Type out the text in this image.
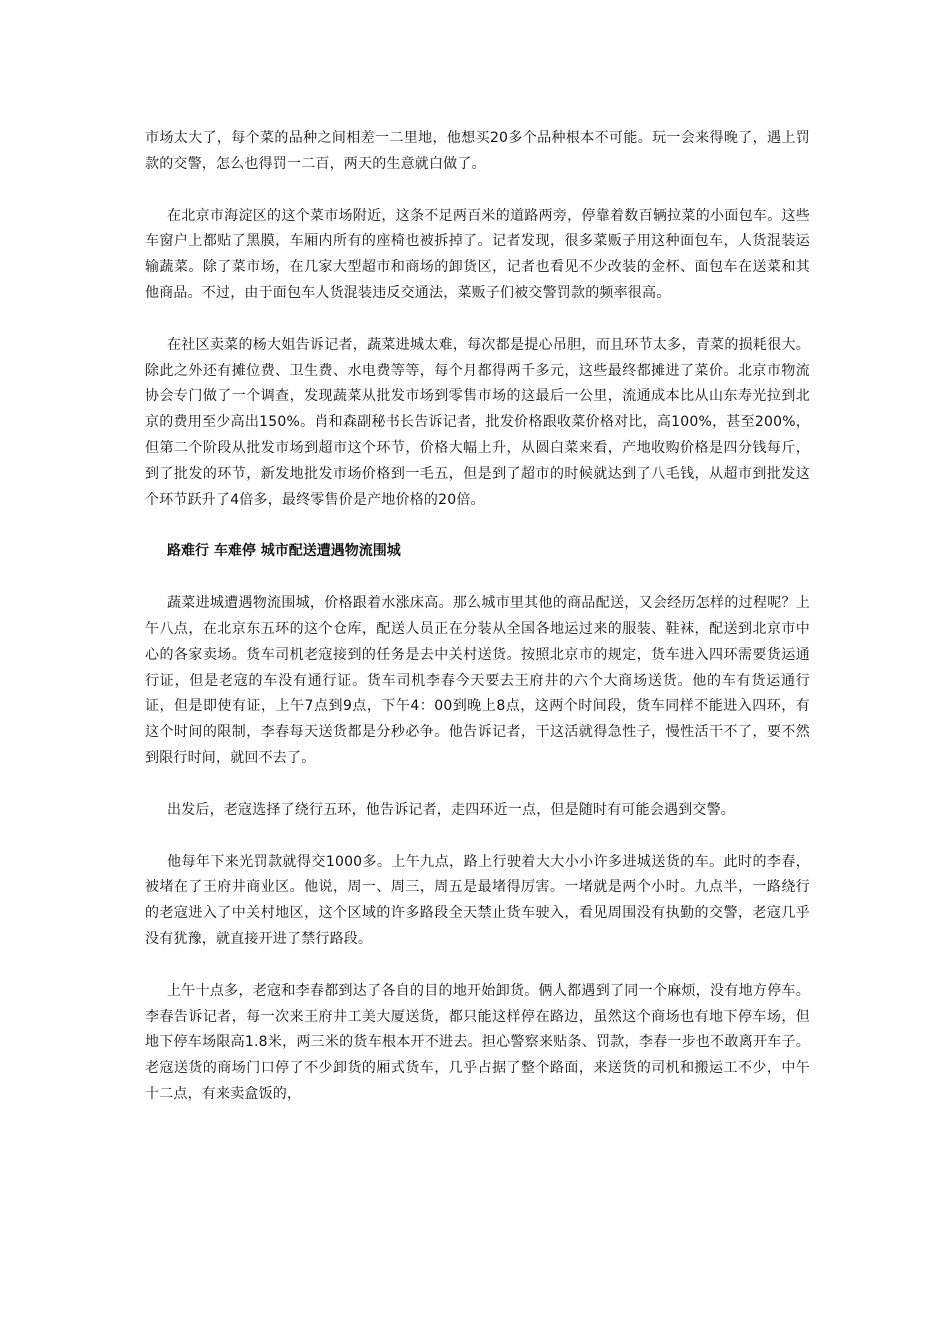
市场太大了，每个菜的品种之间相差一二里地，他想买20多个品种根本不可能。玩一会来得晚了，遇上罚款的交警，怎么也得罚一二百，两天的生意就白做了。

在北京市海淀区的这个菜市场附近，这条不足两百米的道路两旁，停靠着数百辆拉菜的小面包车。这些车窗户上都贴了黑膜，车厢内所有的座椅也被拆掉了。记者发现，很多菜贩子用这种面包车，人货混装运输蔬菜。除了菜市场，在几家大型超市和商场的卸货区，记者也看见不少改装的金杯、面包车在送菜和其他商品。不过，由于面包车人货混装违反交通法，菜贩子们被交警罚款的频率很高。

在社区卖菜的杨大姐告诉记者，蔬菜进城太难，每次都是提心吊胆，而且环节太多，青菜的损耗很大。除此之外还有摊位费、卫生费、水电费等等，每个月都得两千多元，这些最终都摊进了菜价。北京市物流协会专门做了一个调查，发现蔬菜从批发市场到零售市场的这最后一公里，流通成本比从山东寿光拉到北京的费用至少高出150%。肖和森副秘书长告诉记者，批发价格跟收菜价格对比，高100%，甚至200%，但第二个阶段从批发市场到超市这个环节，价格大幅上升，从圆白菜来看，产地收购价格是四分钱每斤，到了批发的环节，新发地批发市场价格到一毛五，但是到了超市的时候就达到了八毛钱，从超市到批发这个环节跃升了4倍多，最终零售价是产地价格的20倍。

路难行 车难停 城市配送遭遇物流围城

蔬菜进城遭遇物流围城，价格跟着水涨床高。那么城市里其他的商品配送，又会经历怎样的过程呢？上午八点，在北京东五环的这个仓库，配送人员正在分装从全国各地运过来的服装、鞋袜，配送到北京市中心的各家卖场。货车司机老寇接到的任务是去中关村送货。按照北京市的规定，货车进入四环需要货运通行证，但是老寇的车没有通行证。货车司机李春今天要去王府井的六个大商场送货。他的车有货运通行证，但是即使有证，上午7点到9点，下午4：00到晚上8点，这两个时间段，货车同样不能进入四环，有这个时间的限制，李春每天送货都是分秒必争。他告诉记者，干这活就得急性子，慢性活干不了，要不然到限行时间，就回不去了。

出发后，老寇选择了绕行五环，他告诉记者，走四环近一点，但是随时有可能会遇到交警。

他每年下来光罚款就得交1000多。上午九点，路上行驶着大大小小许多进城送货的车。此时的李春，被堵在了王府井商业区。他说，周一、周三，周五是最堵得厉害。一堵就是两个小时。九点半，一路绕行的老寇进入了中关村地区，这个区域的许多路段全天禁止货车驶入，看见周围没有执勤的交警，老寇几乎没有犹豫，就直接开进了禁行路段。

上午十点多，老寇和李春都到达了各自的目的地开始卸货。俩人都遇到了同一个麻烦，没有地方停车。李春告诉记者，每一次来王府井工美大厦送货，都只能这样停在路边，虽然这个商场也有地下停车场，但地下停车场限高1.8米，两三米的货车根本开不进去。担心警察来贴条、罚款，李春一步也不敢离开车子。老寇送货的商场门口停了不少卸货的厢式货车，几乎占据了整个路面，来送货的司机和搬运工不少，中午十二点，有来卖盒饭的，
